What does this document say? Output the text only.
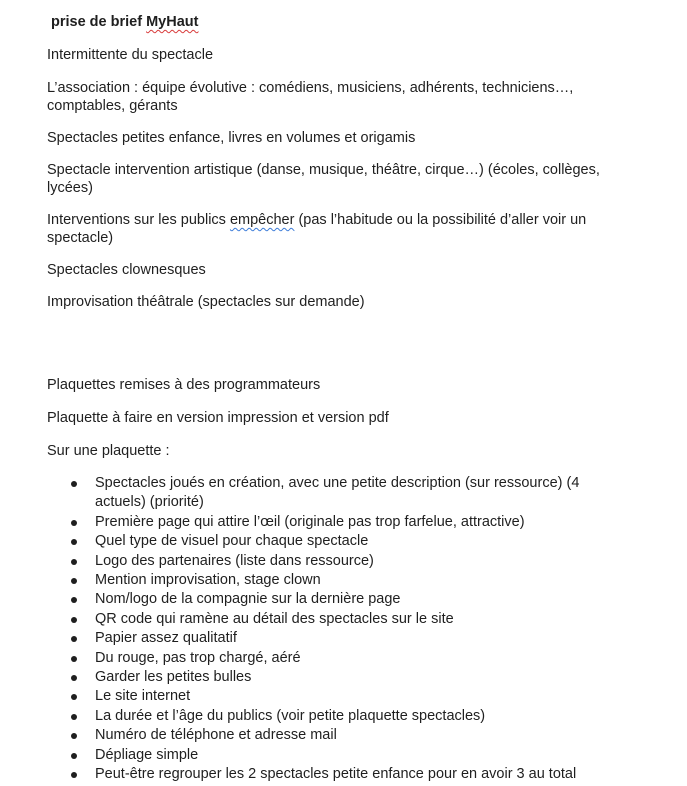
prise de brief MyHaut

Intermittente du spectacle

L’association : équipe évolutive : comédiens, musiciens, adhérents, techniciens…, comptables, gérants

Spectacles petites enfance, livres en volumes et origamis

Spectacle intervention artistique (danse, musique, théâtre, cirque…) (écoles, collèges, lycées)

Interventions sur les publics empêcher (pas l’habitude ou la possibilité d’aller voir un spectacle)

Spectacles clownesques

Improvisation théâtrale (spectacles sur demande)

Plaquettes remises à des programmateurs

Plaquette à faire en version impression et version pdf

Sur une plaquette :

Spectacles joués en création, avec une petite description (sur ressource) (4 actuels) (priorité)
Première page qui attire l’œil (originale pas trop farfelue, attractive)
Quel type de visuel pour chaque spectacle
Logo des partenaires (liste dans ressource)
Mention improvisation, stage clown
Nom/logo de la compagnie sur la dernière page
QR code qui ramène au détail des spectacles sur le site
Papier assez qualitatif
Du rouge, pas trop chargé, aéré
Garder les petites bulles
Le site internet
La durée et l’âge du publics (voir petite plaquette spectacles)
Numéro de téléphone et adresse mail
Dépliage simple
Peut-être regrouper les 2 spectacles petite enfance pour en avoir 3 au total
